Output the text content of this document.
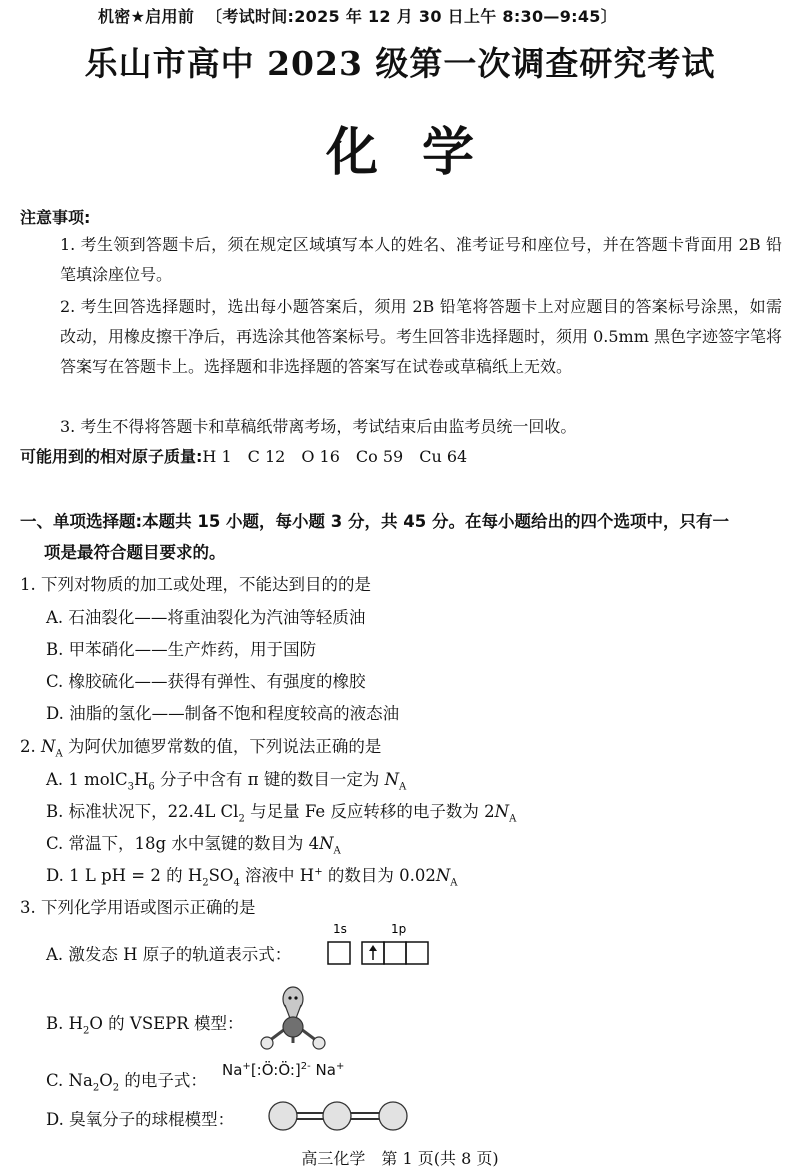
机密★启用前 〔考试时间:2025 年 12 月 30 日上午 8:30—9:45〕
乐山市高中 2023 级第一次调查研究考试
化 学
注意事项:
1. 考生领到答题卡后，须在规定区域填写本人的姓名、准考证号和座位号，并在答题卡背面用 2B 铅笔填涂座位号。
2. 考生回答选择题时，选出每小题答案后，须用 2B 铅笔将答题卡上对应题目的答案标号涂黑，如需改动，用橡皮擦干净后，再选涂其他答案标号。考生回答非选择题时，须用 0.5mm 黑色字迹签字笔将答案写在答题卡上。选择题和非选择题的答案写在试卷或草稿纸上无效。
3. 考生不得将答题卡和草稿纸带离考场，考试结束后由监考员统一回收。
可能用到的相对原子质量:H 1　C 12　O 16　Co 59　Cu 64
一、单项选择题:本题共 15 小题，每小题 3 分，共 45 分。在每小题给出的四个选项中，只有一
项是最符合题目要求的。
1. 下列对物质的加工或处理，不能达到目的的是
A. 石油裂化——将重油裂化为汽油等轻质油
B. 甲苯硝化——生产炸药，用于国防
C. 橡胶硫化——获得有弹性、有强度的橡胶
D. 油脂的氢化——制备不饱和程度较高的液态油
2. $N_A$ 为阿伏加德罗常数的值，下列说法正确的是
A. 1 $molC_3H_6$ 分子中含有 π 键的数目一定为 $N_A$
B. 标准状况下，22.4L $Cl_2$ 与足量 Fe 反应转移的电子数为 $2N_A$
C. 常温下，18g 水中氢键的数目为 $4N_A$
D. 1 L pH = 2 的 $H_2SO_4$ 溶液中 H+ 的数目为 $0.02N_A$
3. 下列化学用语或图示正确的是
A. 激发态 H 原子的轨道表示式：
1s	1p
B. $H_2O$ 的 VSEPR 模型：
C. $Na_2O_2$ 的电子式：
Na+[:Ö:Ö:]$^{2-}$ Na+
D. 臭氧分子的球棍模型：
高三化学　第 1 页(共 8 页)
